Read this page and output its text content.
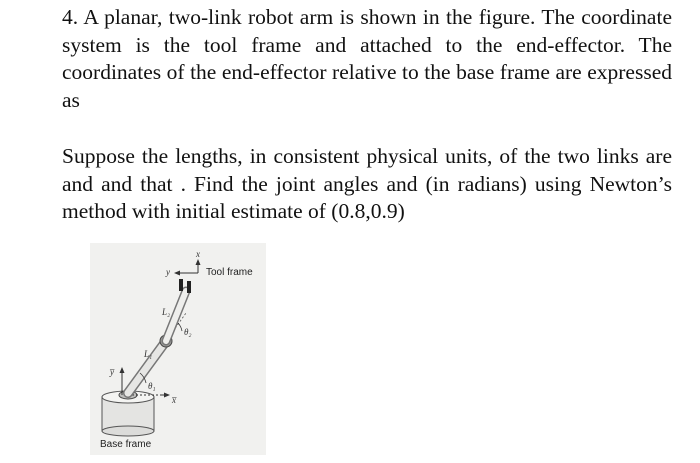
4. A planar, two-link robot arm is shown in the figure. The coordinate system is the tool frame and attached to the end-effector. The coordinates of the end-effector relative to the base frame are expressed as

Suppose the lengths, in consistent physical units, of the two links are and and that . Find the joint angles and (in radians) using Newton’s method with initial estimate of (0.8,0.9)

Tool frame
Base frame
x
y
x̅
y̅
L₁
L₂
θ₁
θ₂
